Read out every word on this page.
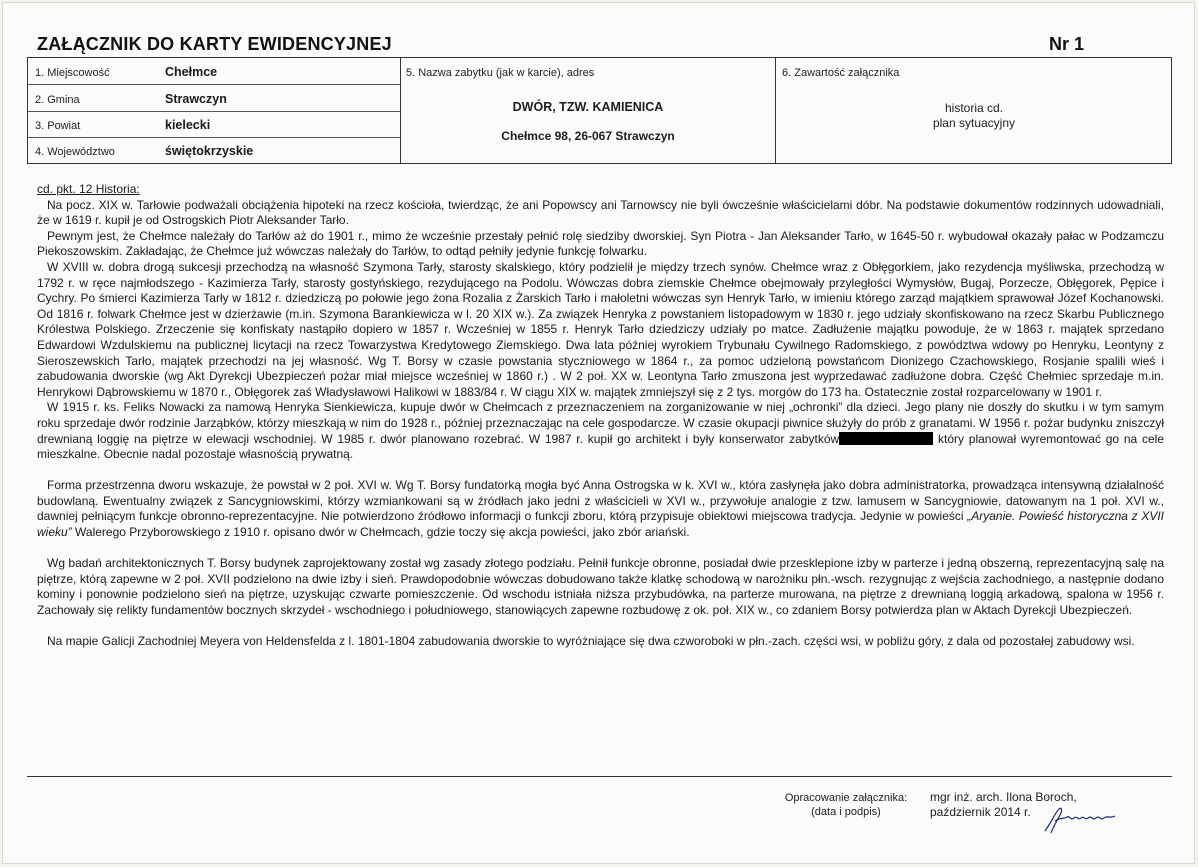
ZAŁĄCZNIK DO KARTY EWIDENCYJNEJ	Nr 1
1. Miejscowość	Chełmce
2. Gmina	Strawczyn
3. Powiat	kielecki
4. Województwo	świętokrzyskie
5. Nazwa zabytku (jak w karcie), adres
DWÓR, TZW. KAMIENICA
Chełmce 98, 26-067 Strawczyn
6. Zawartość załącznika
historia cd.
plan sytuacyjny

cd. pkt. 12 Historia:

Na pocz. XIX w. Tarłowie podważali obciążenia hipoteki na rzecz kościoła, twierdząc, że ani Popowscy ani Tarnowscy nie byli ówcześnie właścicielami dóbr. Na podstawie dokumentów rodzinnych udowadniali, że w 1619 r. kupił je od Ostrogskich Piotr Aleksander Tarło.

Pewnym jest, że Chełmce należały do Tarłów aż do 1901 r., mimo że wcześnie przestały pełnić rolę siedziby dworskiej. Syn Piotra - Jan Aleksander Tarło, w 1645-50 r. wybudował okazały pałac w Podzamczu Piekoszowskim. Zakładając, że Chełmce już wówczas należały do Tarłów, to odtąd pełniły jedynie funkcję folwarku.

W XVIII w. dobra drogą sukcesji przechodzą na własność Szymona Tarły, starosty skalskiego, który podzielił je między trzech synów. Chełmce wraz z Obłęgorkiem, jako rezydencja myśliwska, przechodzą w 1792 r. w ręce najmłodszego - Kazimierza Tarły, starosty gostyńskiego, rezydującego na Podolu. Wówczas dobra ziemskie Chełmce obejmowały przyległości Wymysłów, Bugaj, Porzecze, Obłęgorek, Pępice i Cychry. Po śmierci Kazimierza Tarły w 1812 r. dziedziczą po połowie jego żona Rozalia z Żarskich Tarło i małoletni wówczas syn Henryk Tarło, w imieniu którego zarząd majątkiem sprawował Józef Kochanowski. Od 1816 r. folwark Chełmce jest w dzierżawie (m.in. Szymona Barankiewicza w l. 20 XIX w.). Za związek Henryka z powstaniem listopadowym w 1830 r. jego udziały skonfiskowano na rzecz Skarbu Publicznego Królestwa Polskiego. Zrzeczenie się konfiskaty nastąpiło dopiero w 1857 r. Wcześniej w 1855 r. Henryk Tarło dziedziczy udziały po matce. Zadłużenie majątku powoduje, że w 1863 r. majątek sprzedano Edwardowi Wzdulskiemu na publicznej licytacji na rzecz Towarzystwa Kredytowego Ziemskiego. Dwa lata później wyrokiem Trybunału Cywilnego Radomskiego, z powództwa wdowy po Henryku, Leontyny z Sieroszewskich Tarło, majątek przechodzi na jej własność. Wg T. Borsy w czasie powstania styczniowego w 1864 r., za pomoc udzieloną powstańcom Dionizego Czachowskiego, Rosjanie spalili wieś i zabudowania dworskie (wg Akt Dyrekcji Ubezpieczeń pożar miał miejsce wcześniej w 1860 r.) . W 2 poł. XX w. Leontyna Tarło zmuszona jest wyprzedawać zadłużone dobra. Część Chełmiec sprzedaje m.in. Henrykowi Dąbrowskiemu w 1870 r., Obłęgorek zaś Władysławowi Halikowi w 1883/84 r. W ciągu XIX w. majątek zmniejszył się z 2 tys. morgów do 173 ha. Ostatecznie został rozparcelowany w 1901 r.

W 1915 r. ks. Feliks Nowacki za namową Henryka Sienkiewicza, kupuje dwór w Chełmcach z przeznaczeniem na zorganizowanie w niej „ochronki” dla dzieci. Jego plany nie doszły do skutku i w tym samym roku sprzedaje dwór rodzinie Jarząbków, którzy mieszkają w nim do 1928 r., później przeznaczając na cele gospodarcze. W czasie okupacji piwnice służyły do prób z granatami. W 1956 r. pożar budynku zniszczył drewnianą loggię na piętrze w elewacji wschodniej. W 1985 r. dwór planowano rozebrać. W 1987 r. kupił go architekt i były konserwator zabytków	który planował wyremontować go na cele mieszkalne. Obecnie nadal pozostaje własnością prywatną.

Forma przestrzenna dworu wskazuje, że powstał w 2 poł. XVI w. Wg T. Borsy fundatorką mogła być Anna Ostrogska w k. XVI w., która zasłynęła jako dobra administratorka, prowadząca intensywną działalność budowlaną. Ewentualny związek z Sancygniowskimi, którzy wzmiankowani są w źródłach jako jedni z właścicieli w XVI w., przywołuje analogie z tzw. lamusem w Sancygniowie, datowanym na 1 poł. XVI w., dawniej pełniącym funkcje obronno-reprezentacyjne. Nie potwierdzono źródłowo informacji o funkcji zboru, którą przypisuje obiektowi miejscowa tradycja. Jedynie w powieści „Aryanie. Powieść historyczna z XVII wieku” Walerego Przyborowskiego z 1910 r. opisano dwór w Chełmcach, gdzie toczy się akcja powieści, jako zbór ariański.

Wg badań architektonicznych T. Borsy budynek zaprojektowany został wg zasady złotego podziału. Pełnił funkcje obronne, posiadał dwie przesklepione izby w parterze i jedną obszerną, reprezentacyjną salę na piętrze, którą zapewne w 2 poł. XVII podzielono na dwie izby i sień. Prawdopodobnie wówczas dobudowano także klatkę schodową w narożniku płn.-wsch. rezygnując z wejścia zachodniego, a następnie dodano kominy i ponownie podzielono sień na piętrze, uzyskując czwarte pomieszczenie. Od wschodu istniała niższa przybudówka, na parterze murowana, na piętrze z drewnianą loggią arkadową, spalona w 1956 r. Zachowały się relikty fundamentów bocznych skrzydeł - wschodniego i południowego, stanowiących zapewne rozbudowę z ok. poł. XIX w., co zdaniem Borsy potwierdza plan w Aktach Dyrekcji Ubezpieczeń.

Na mapie Galicji Zachodniej Meyera von Heldensfelda z l. 1801-1804 zabudowania dworskie to wyróżniające się dwa czworoboki w płn.-zach. części wsi, w pobliżu góry, z dala od pozostałej zabudowy wsi.

Opracowanie załącznika:
(data i podpis)
mgr inż. arch. Ilona Boroch,
październik 2014 r.
